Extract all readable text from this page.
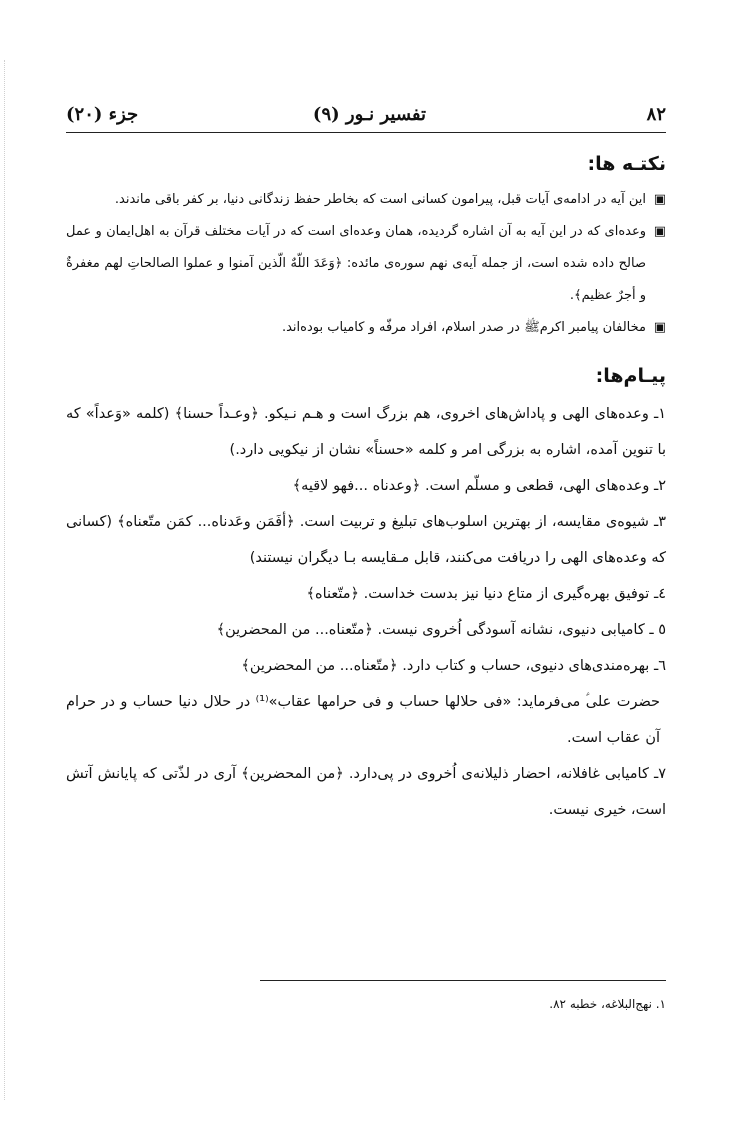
۸۲
تفسیر نـور (۹)
جزء (۲۰)
نکتـه ها:
▣
این آیه در ادامه‌ی آیات قبل، پیرامون کسانی است که بخاطر حفظ زندگانی دنیا، بر کفر باقی ماندند.
▣
وعده‌ای که در این آیه به آن اشاره گردیده، همان وعده‌ای است که در آیات مختلف قرآن به اهل‌ایمان و عمل صالح داده شده است، از جمله آیه‌ی نهم سوره‌ی مائده: ﴿وَعَدَ اللّهٌ الّذین آمنوا و عملوا الصالحاتِ لهم مغفرةٌ و أجرٌ عظیم﴾.
▣
مخالفان پیامبر اکرم‌ﷺ در صدر اسلام، افراد مرفّه و کامیاب بوده‌اند.
پیـام‌ها:
۱ـ وعده‌های الهی و پاداش‌های اخروی، هم بزرگ است و هـم نـیکو. ﴿وعـداً حسنا﴾ (کلمه «وَعداً» که با تنوین آمده، اشاره به بزرگی امر و کلمه «حسناً» نشان از نیکویی دارد.)
۲ـ وعده‌های الهی، قطعی و مسلّم است. ﴿وعدناه ...فهو لاقیه﴾
۳ـ شیوه‌ی مقایسه، از بهترین اسلوب‌های تبلیغ و تربیت است. ﴿أفَمَن وعَدناه... کمَن متّعناه﴾ (کسانی که وعده‌های الهی را دریافت می‌کنند، قابل مـقایسه بـا دیگران نیستند)
٤ـ توفیق بهره‌گیری از متاع دنیا نیز بدست خداست. ﴿متّعناه﴾
٥ ـ کامیابی دنیوی، نشانه آسودگی اُخروی نیست. ﴿متّعناه... من المحضرین﴾
٦ـ بهره‌مندی‌های دنیوی، حساب و کتاب دارد. ﴿متّعناه... من المحضرین﴾
حضرت علی‌ؑ می‌فرماید: «فی حلالها حساب و فی حرامها عقاب»⁽¹⁾ در حلال دنیا حساب و در حرام آن عقاب است.
۷ـ کامیابی غافلانه، احضار ذلیلانه‌ی اُخروی در پی‌دارد. ﴿من المحضرین﴾ آری در لذّتی که پایانش آتش است، خیری نیست.
۱. نهج‌البلاغه، خطبه ۸۲.
